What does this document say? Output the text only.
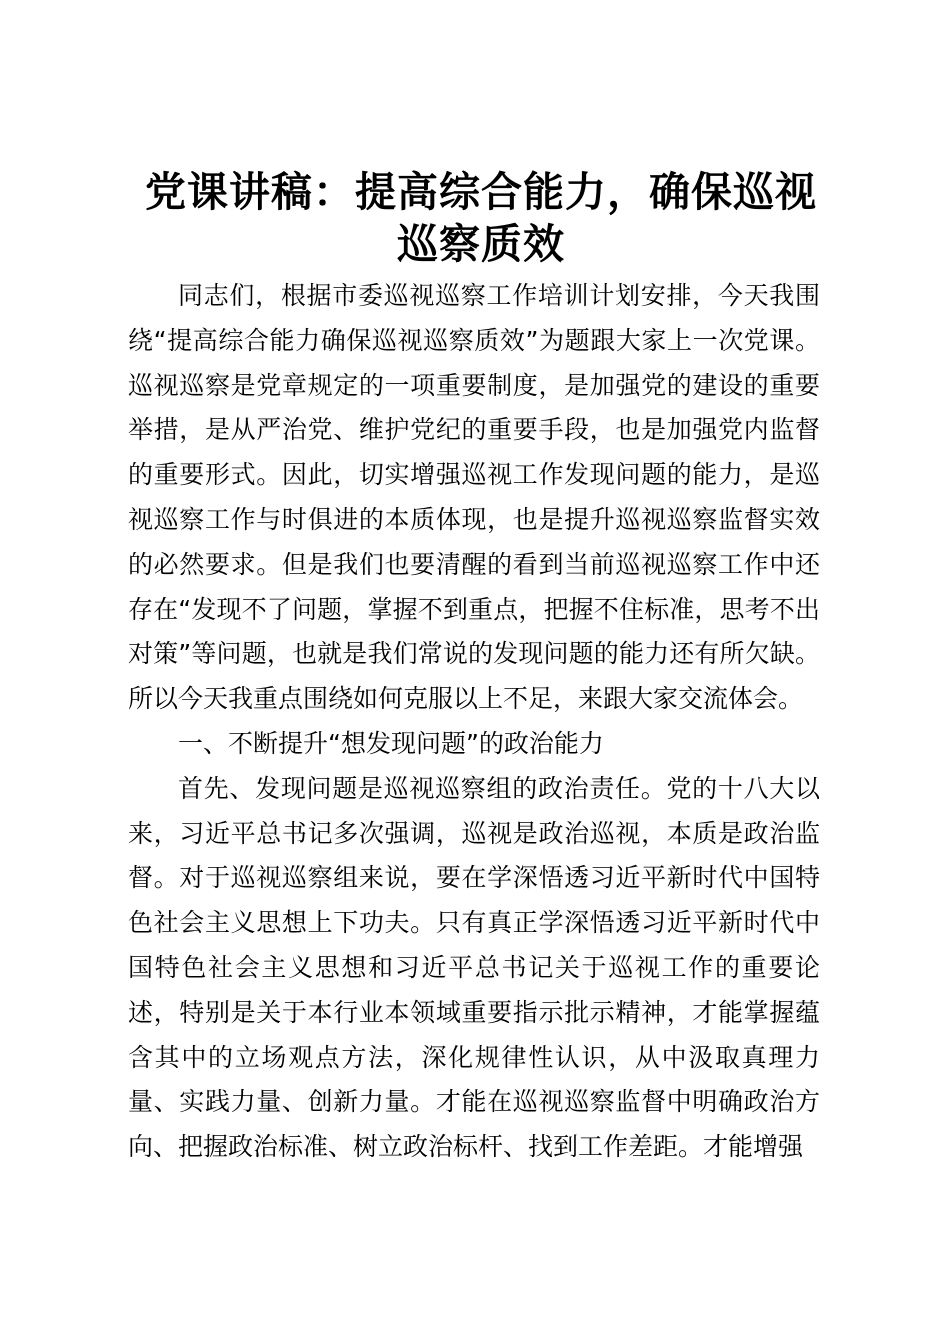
党课讲稿：提高综合能力，确保巡视巡察质效

同志们，根据市委巡视巡察工作培训计划安排，今天我围绕“提高综合能力确保巡视巡察质效”为题跟大家上一次党课。巡视巡察是党章规定的一项重要制度，是加强党的建设的重要举措，是从严治党、维护党纪的重要手段，也是加强党内监督的重要形式。因此，切实增强巡视工作发现问题的能力，是巡视巡察工作与时俱进的本质体现，也是提升巡视巡察监督实效的必然要求。但是我们也要清醒的看到当前巡视巡察工作中还存在“发现不了问题，掌握不到重点，把握不住标准，思考不出对策”等问题，也就是我们常说的发现问题的能力还有所欠缺。所以今天我重点围绕如何克服以上不足，来跟大家交流体会。

一、不断提升“想发现问题”的政治能力

首先、发现问题是巡视巡察组的政治责任。党的十八大以来，习近平总书记多次强调，巡视是政治巡视，本质是政治监督。对于巡视巡察组来说，要在学深悟透习近平新时代中国特色社会主义思想上下功夫。只有真正学深悟透习近平新时代中国特色社会主义思想和习近平总书记关于巡视工作的重要论述，特别是关于本行业本领域重要指示批示精神，才能掌握蕴含其中的立场观点方法，深化规律性认识，从中汲取真理力量、实践力量、创新力量。才能在巡视巡察监督中明确政治方向、把握政治标准、树立政治标杆、找到工作差距。才能增强
